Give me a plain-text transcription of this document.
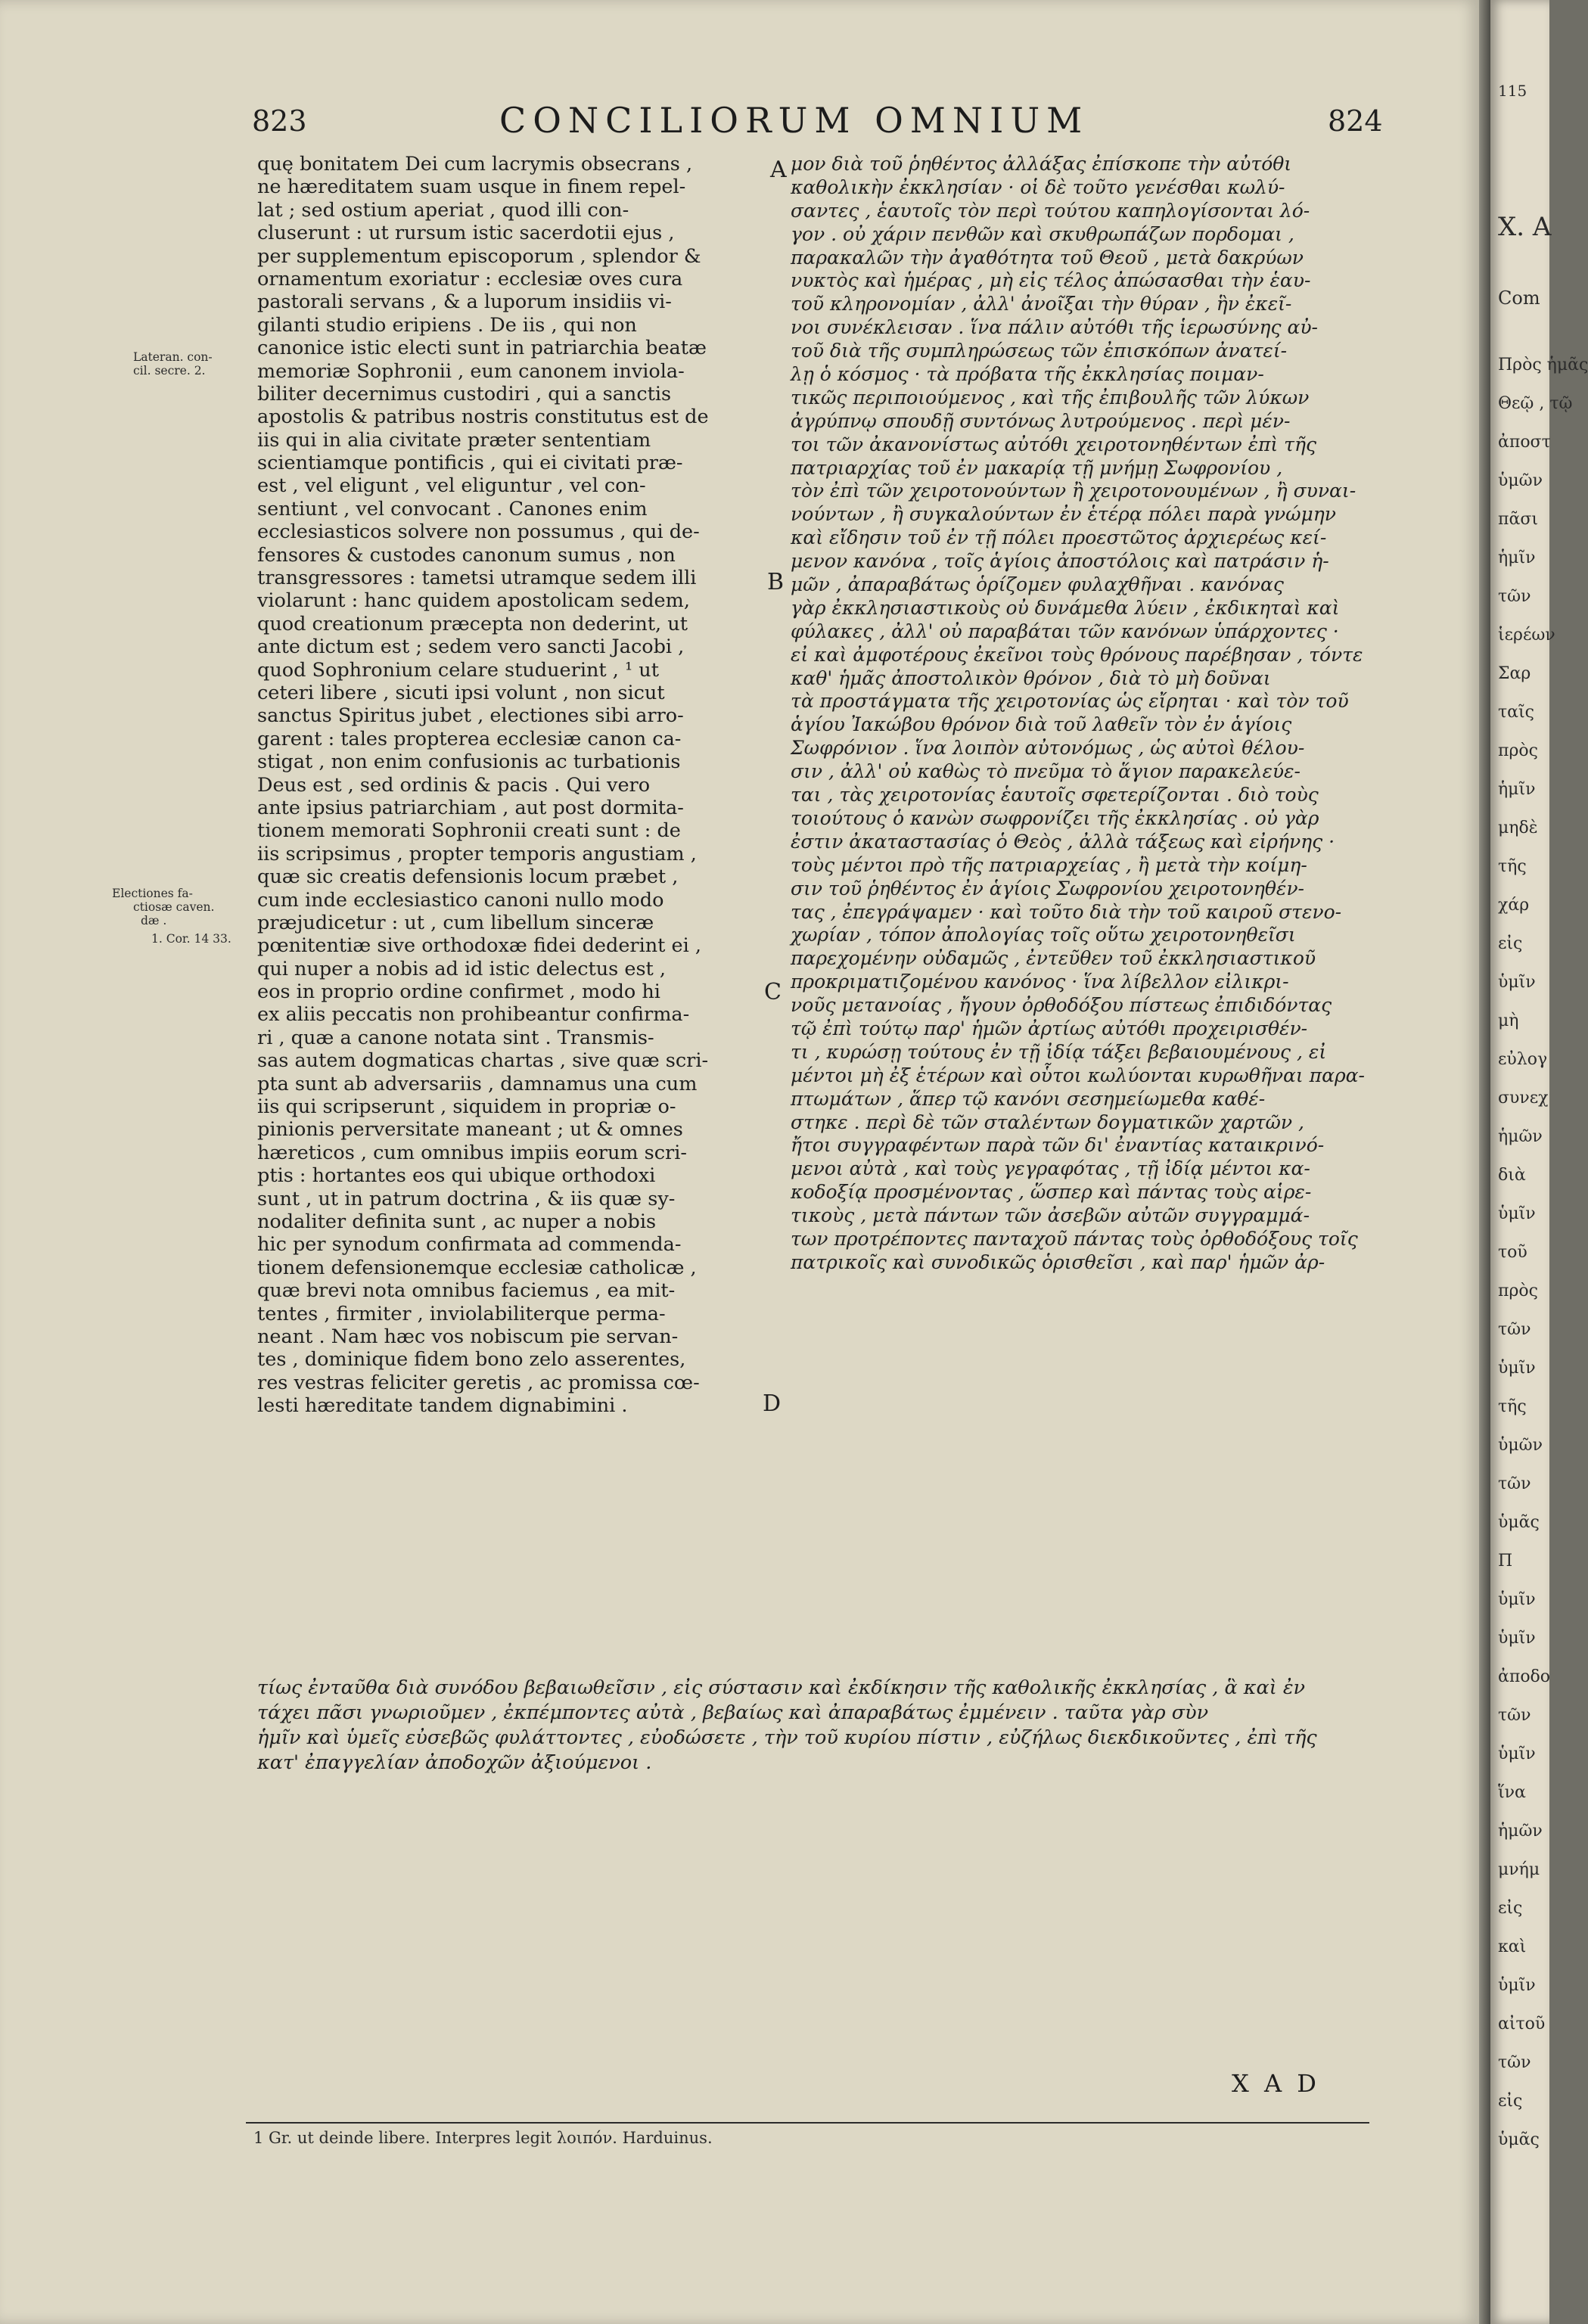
823	CONCILIORUM OMNIUM	824
quę bonitatem Dei cum lacrymis obsecrans ,
ne hæreditatem suam usque in finem repel-
lat ; sed ostium aperiat , quod illi con-
cluserunt : ut rursum istic sacerdotii ejus ,
per supplementum episcoporum , splendor &
ornamentum exoriatur : ecclesiæ oves cura
pastorali servans , & a luporum insidiis vi-
gilanti studio eripiens . De iis , qui non
canonice istic electi sunt in patriarchia beatæ
memoriæ Sophronii , eum canonem inviola-
biliter decernimus custodiri , qui a sanctis
apostolis & patribus nostris constitutus est de
iis qui in alia civitate præter sententiam
scientiamque pontificis , qui ei civitati præ-
est , vel eligunt , vel eliguntur , vel con-
sentiunt , vel convocant . Canones enim
ecclesiasticos solvere non possumus , qui de-
fensores & custodes canonum sumus , non
transgressores : tametsi utramque sedem illi
violarunt : hanc quidem apostolicam sedem,
quod creationum præcepta non dederint, ut
ante dictum est ; sedem vero sancti Jacobi ,
quod Sophronium celare studuerint , ¹ ut
ceteri libere , sicuti ipsi volunt , non sicut
sanctus Spiritus jubet , electiones sibi arro-
garent : tales propterea ecclesiæ canon ca-
stigat , non enim confusionis ac turbationis
Deus est , sed ordinis & pacis . Qui vero
ante ipsius patriarchiam , aut post dormita-
tionem memorati Sophronii creati sunt : de
iis scripsimus , propter temporis angustiam ,
quæ sic creatis defensionis locum præbet ,
cum inde ecclesiastico canoni nullo modo
præjudicetur : ut , cum libellum sinceræ
pœnitentiæ sive orthodoxæ fidei dederint ei ,
qui nuper a nobis ad id istic delectus est ,
eos in proprio ordine confirmet , modo hi
ex aliis peccatis non prohibeantur confirma-
ri , quæ a canone notata sint . Transmis-
sas autem dogmaticas chartas , sive quæ scri-
pta sunt ab adversariis , damnamus una cum
iis qui scripserunt , siquidem in propriæ o-
pinionis perversitate maneant ; ut & omnes
hæreticos , cum omnibus impiis eorum scri-
ptis : hortantes eos qui ubique orthodoxi
sunt , ut in patrum doctrina , & iis quæ sy-
nodaliter definita sunt , ac nuper a nobis
hic per synodum confirmata ad commenda-
tionem defensionemque ecclesiæ catholicæ ,
quæ brevi nota omnibus faciemus , ea mit-
tentes , firmiter , inviolabiliterque perma-
neant . Nam hæc vos nobiscum pie servan-
tes , dominique fidem bono zelo asserentes,
res vestras feliciter geretis , ac promissa cœ-
lesti hæreditate tandem dignabimini .
μον διὰ τοῦ ῥηθέντος ἀλλάξας ἐπίσκοπε τὴν αὐτόθι
καθολικὴν ἐκκλησίαν · οἱ δὲ τοῦτο γενέσθαι κωλύ-
σαντες , ἑαυτοῖς τὸν περὶ τούτου καπηλογίσονται λό-
γον . οὐ χάριν πενθῶν καὶ σκυθρωπάζων πορδομαι ,
παρακαλῶν τὴν ἀγαθότητα τοῦ Θεοῦ , μετὰ δακρύων
νυκτὸς καὶ ἡμέρας , μὴ εἰς τέλος ἀπώσασθαι τὴν ἑαυ-
τοῦ κληρονομίαν , ἀλλ' ἀνοῖξαι τὴν θύραν , ἣν ἐκεῖ-
νοι συνέκλεισαν . ἵνα πάλιν αὐτόθι τῆς ἱερωσύνης αὐ-
τοῦ διὰ τῆς συμπληρώσεως τῶν ἐπισκόπων ἀνατεί-
λῃ ὁ κόσμος · τὰ πρόβατα τῆς ἐκκλησίας ποιμαν-
τικῶς περιποιούμενος , καὶ τῆς ἐπιβουλῆς τῶν λύκων
ἀγρύπνῳ σπουδῇ συντόνως λυτρούμενος . περὶ μέν-
τοι τῶν ἀκανονίστως αὐτόθι χειροτονηθέντων ἐπὶ τῆς
πατριαρχίας τοῦ ἐν μακαρίᾳ τῇ μνήμῃ Σωφρονίου ,
τὸν ἐπὶ τῶν χειροτονούντων ἢ χειροτονουμένων , ἢ συναι-
νούντων , ἢ συγκαλούντων ἐν ἑτέρᾳ πόλει παρὰ γνώμην
καὶ εἴδησιν τοῦ ἐν τῇ πόλει προεστῶτος ἀρχιερέως κεί-
μενον κανόνα , τοῖς ἁγίοις ἀποστόλοις καὶ πατράσιν ἡ-
μῶν , ἀπαραβάτως ὁρίζομεν φυλαχθῆναι . κανόνας
γὰρ ἐκκλησιαστικοὺς οὐ δυνάμεθα λύειν , ἐκδικηταὶ καὶ
φύλακες , ἀλλ' οὐ παραβάται τῶν κανόνων ὑπάρχοντες ·
εἰ καὶ ἀμφοτέρους ἐκεῖνοι τοὺς θρόνους παρέβησαν , τόντε
καθ' ἡμᾶς ἀποστολικὸν θρόνον , διὰ τὸ μὴ δοῦναι
τὰ προστάγματα τῆς χειροτονίας ὡς εἴρηται · καὶ τὸν τοῦ
ἁγίου Ἰακώβου θρόνον διὰ τοῦ λαθεῖν τὸν ἐν ἁγίοις
Σωφρόνιον . ἵνα λοιπὸν αὐτονόμως , ὡς αὐτοὶ θέλου-
σιν , ἀλλ' οὐ καθὼς τὸ πνεῦμα τὸ ἅγιον παρακελεύε-
ται , τὰς χειροτονίας ἑαυτοῖς σφετερίζονται . διὸ τοὺς
τοιούτους ὁ κανὼν σωφρονίζει τῆς ἐκκλησίας . οὐ γὰρ
ἐστιν ἀκαταστασίας ὁ Θεὸς , ἀλλὰ τάξεως καὶ εἰρήνης ·
τοὺς μέντοι πρὸ τῆς πατριαρχείας , ἢ μετὰ τὴν κοίμη-
σιν τοῦ ῥηθέντος ἐν ἁγίοις Σωφρονίου χειροτονηθέν-
τας , ἐπεγράψαμεν · καὶ τοῦτο διὰ τὴν τοῦ καιροῦ στενο-
χωρίαν , τόπον ἀπολογίας τοῖς οὕτω χειροτονηθεῖσι
παρεχομένην οὐδαμῶς , ἐντεῦθεν τοῦ ἐκκλησιαστικοῦ
προκριματιζομένου κανόνος · ἵνα λίβελλον εἰλικρι-
νοῦς μετανοίας , ἤγουν ὀρθοδόξου πίστεως ἐπιδιδόντας
τῷ ἐπὶ τούτῳ παρ' ἡμῶν ἀρτίως αὐτόθι προχειρισθέν-
τι , κυρώσῃ τούτους ἐν τῇ ἰδίᾳ τάξει βεβαιουμένους , εἰ
μέντοι μὴ ἐξ ἑτέρων καὶ οὗτοι κωλύονται κυρωθῆναι παρα-
πτωμάτων , ἅπερ τῷ κανόνι σεσημείωμεθα καθέ-
στηκε . περὶ δὲ τῶν σταλέντων δογματικῶν χαρτῶν ,
ἤτοι συγγραφέντων παρὰ τῶν δι' ἐναντίας καταικρινό-
μενοι αὐτὰ , καὶ τοὺς γεγραφότας , τῇ ἰδίᾳ μέντοι κα-
κοδοξίᾳ προσμένοντας , ὥσπερ καὶ πάντας τοὺς αἱρε-
τικοὺς , μετὰ πάντων τῶν ἀσεβῶν αὐτῶν συγγραμμά-
των προτρέποντες πανταχοῦ πάντας τοὺς ὀρθοδόξους τοῖς
πατρικοῖς καὶ συνοδικῶς ὁρισθεῖσι , καὶ παρ' ἡμῶν ἀρ-
τίως ἐνταῦθα διὰ συνόδου βεβαιωθεῖσιν , εἰς σύστασιν καὶ ἐκδίκησιν τῆς καθολικῆς ἐκκλησίας , ἃ καὶ ἐν
τάχει πᾶσι γνωριοῦμεν , ἐκπέμποντες αὐτὰ , βεβαίως καὶ ἀπαραβάτως ἐμμένειν . ταῦτα γὰρ σὺν
ἡμῖν καὶ ὑμεῖς εὐσεβῶς φυλάττοντες , εὐοδώσετε , τὴν τοῦ κυρίου πίστιν , εὐζήλως διεκδικοῦντες , ἐπὶ τῆς
κατ' ἐπαγγελίαν ἀποδοχῶν ἀξιούμενοι .
Lateran. con-
cil. secre. 2.
Electiones fa-
ctiosæ caven.
dæ .
1. Cor. 14 33.
A
B
C
D
X A D
1 Gr. ut deinde libere. Interpres legit λοιπόν. Harduinus.
115
X. A
Com
Πρὸς ἡμᾶς
Θεῷ , τῷ
ἀποστ
ὑμῶν
πᾶσι
ἡμῖν
τῶν
ἱερέων
Σαρ
ταῖς
πρὸς
ἡμῖν
μηδὲ
τῆς
χάρ
εἰς
ὑμῖν
μὴ
εὐλογ
συνεχ
ἡμῶν
διὰ
ὑμῖν
τοῦ
πρὸς
τῶν
ὑμῖν
τῆς
ὑμῶν
τῶν
ὑμᾶς
Π
ὑμῖν
ὑμῖν
ἀποδο
τῶν
ὑμῖν
ἵνα
ἡμῶν
μνήμ
εἰς
καὶ
ὑμῖν
αἰτοῦ
τῶν
εἰς
ὑμᾶς
